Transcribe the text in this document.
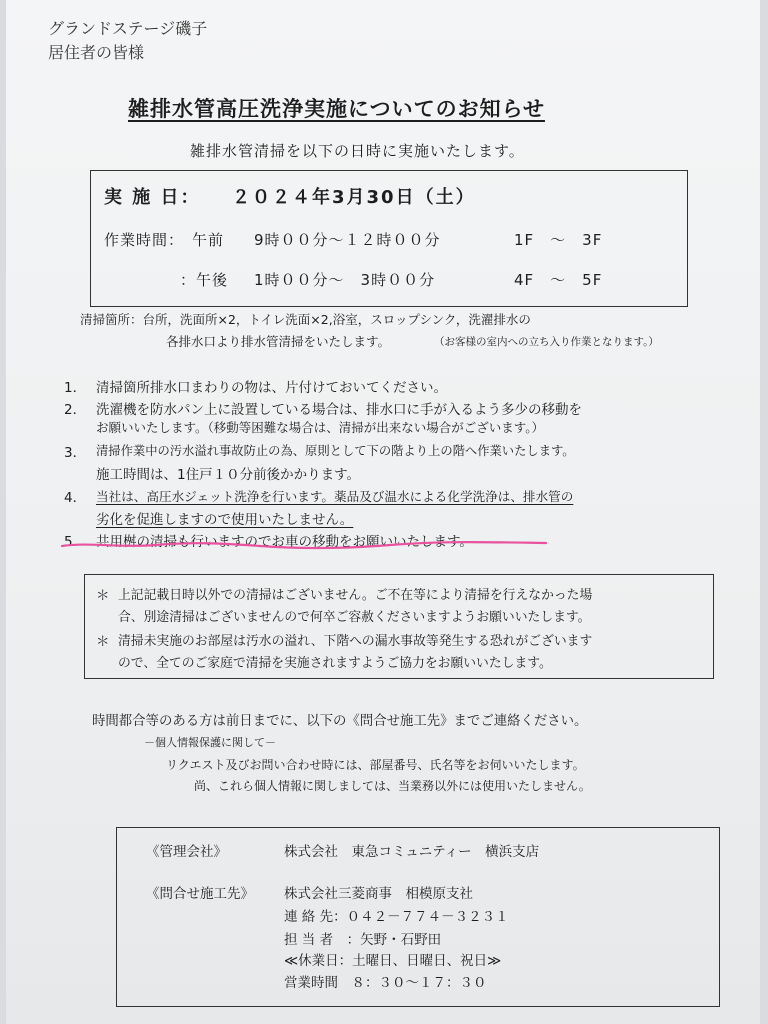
グランドステージ磯子
居住者の皆様
雑排水管高圧洗浄実施についてのお知らせ
雑排水管清掃を以下の日時に実施いたします。
実 施 日： ２０２４年3月30日（土）
作業時間： 午前 9時００分～１２時００分	1F　～　3F
：午後 1時００分～　3時００分	4F　～　5F
清掃箇所：台所，洗面所×2，トイレ洗面×2,浴室，スロップシンク，洗濯排水の
各排水口より排水管清掃をいたします。	（お客様の室内への立ち入り作業となります。）
1． 清掃箇所排水口まわりの物は、片付けておいてください。
2． 洗濯機を防水パン上に設置している場合は、排水口に手が入るよう多少の移動を
お願いいたします。（移動等困難な場合は、清掃が出来ない場合がございます。）
3． 清掃作業中の汚水溢れ事故防止の為、原則として下の階より上の階へ作業いたします。
施工時間は、1住戸１０分前後かかります。
4． 当社は、高圧水ジェット洗浄を行います。薬品及び温水による化学洗浄は、排水管の
劣化を促進しますので使用いたしません。
5． 共用桝の清掃も行いますのでお車の移動をお願いいたします。
＊ 上記記載日時以外での清掃はございません。ご不在等により清掃を行えなかった場
合、別途清掃はございませんので何卒ご容赦くださいますようお願いいたします。
＊ 清掃未実施のお部屋は汚水の溢れ、下階への漏水事故等発生する恐れがございます
ので、全てのご家庭で清掃を実施されますようご協力をお願いいたします。
時間都合等のある方は前日までに、以下の《問合せ施工先》までご連絡ください。
－個人情報保護に関して－
リクエスト及びお問い合わせ時には、部屋番号、氏名等をお伺いいたします。
尚、これら個人情報に関しましては、当業務以外には使用いたしません。
《管理会社》	株式会社　東急コミュニティー　横浜支店
《問合せ施工先》 株式会社三菱商事　相模原支社
連 絡 先：０４２－７７４－３２３１
担 当 者　：矢野・石野田
≪休業日：土曜日、日曜日、祝日≫
営業時間　８：３０～１７：３０
